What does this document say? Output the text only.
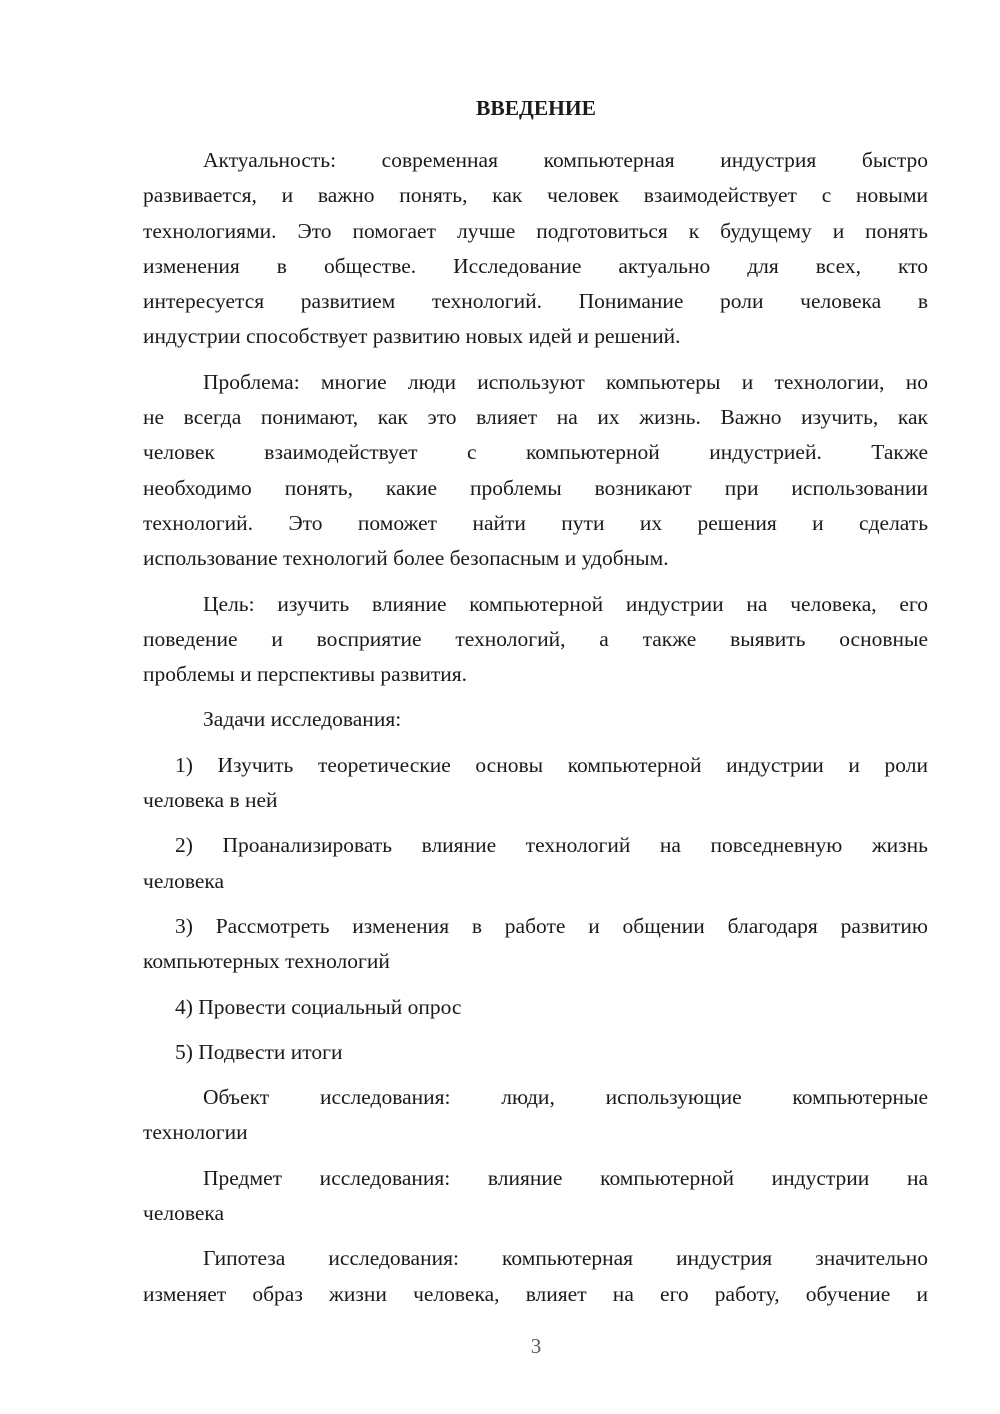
ВВЕДЕНИЕ
Актуальность: современная компьютерная индустрия быстро
развивается, и важно понять, как человек взаимодействует с новыми
технологиями. Это помогает лучше подготовиться к будущему и понять
изменения в обществе. Исследование актуально для всех, кто
интересуется развитием технологий. Понимание роли человека в
индустрии способствует развитию новых идей и решений.
Проблема: многие люди используют компьютеры и технологии, но
не всегда понимают, как это влияет на их жизнь. Важно изучить, как
человек взаимодействует с компьютерной индустрией. Также
необходимо понять, какие проблемы возникают при использовании
технологий. Это поможет найти пути их решения и сделать
использование технологий более безопасным и удобным.
Цель: изучить влияние компьютерной индустрии на человека, его
поведение и восприятие технологий, а также выявить основные
проблемы и перспективы развития.
Задачи исследования:
1) Изучить теоретические основы компьютерной индустрии и роли
человека в ней
2) Проанализировать влияние технологий на повседневную жизнь
человека
3) Рассмотреть изменения в работе и общении благодаря развитию
компьютерных технологий
4) Провести социальный опрос
5) Подвести итоги
Объект исследования: люди, использующие компьютерные
технологии
Предмет исследования: влияние компьютерной индустрии на
человека
Гипотеза исследования: компьютерная индустрия значительно
изменяет образ жизни человека, влияет на его работу, обучение и
3
